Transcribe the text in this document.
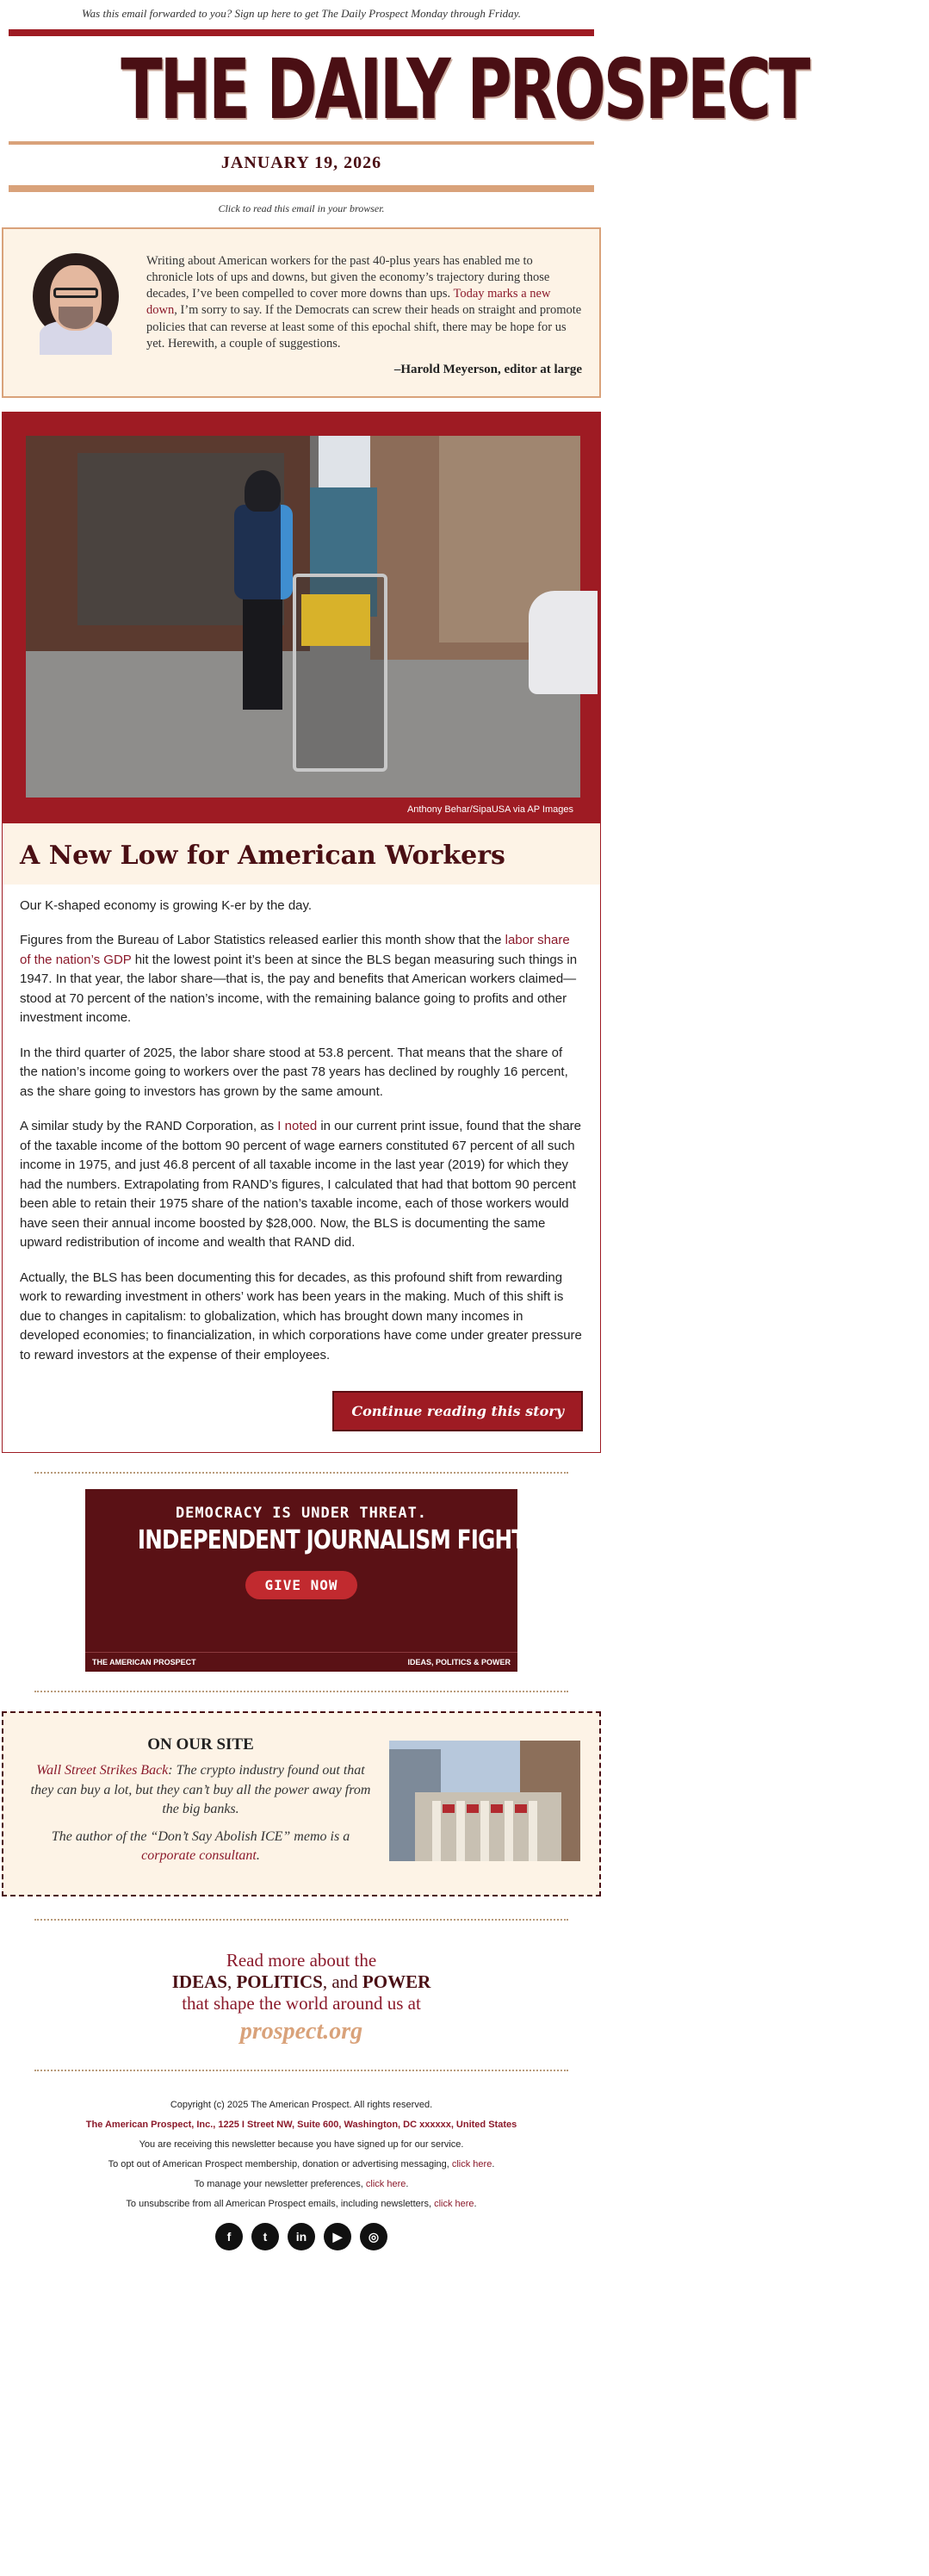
Was this email forwarded to you? Sign up here to get The Daily Prospect Monday through Friday.
THE DAILY PROSPECT
JANUARY 19, 2026
Click to read this email in your browser.
Writing about American workers for the past 40-plus years has enabled me to chronicle lots of ups and downs, but given the economy’s trajectory during those decades, I’ve been compelled to cover more downs than ups. Today marks a new down, I’m sorry to say. If the Democrats can screw their heads on straight and promote policies that can reverse at least some of this epochal shift, there may be hope for us yet. Herewith, a couple of suggestions.
–Harold Meyerson, editor at large
Anthony Behar/SipaUSA via AP Images
A New Low for American Workers

Our K-shaped economy is growing K-er by the day.

Figures from the Bureau of Labor Statistics released earlier this month show that the labor share of the nation’s GDP hit the lowest point it’s been at since the BLS began measuring such things in 1947. In that year, the labor share—that is, the pay and benefits that American workers claimed—stood at 70 percent of the nation’s income, with the remaining balance going to profits and other investment income.

In the third quarter of 2025, the labor share stood at 53.8 percent. That means that the share of the nation’s income going to workers over the past 78 years has declined by roughly 16 percent, as the share going to investors has grown by the same amount.

A similar study by the RAND Corporation, as I noted in our current print issue, found that the share of the taxable income of the bottom 90 percent of wage earners constituted 67 percent of all such income in 1975, and just 46.8 percent of all taxable income in the last year (2019) for which they had the numbers. Extrapolating from RAND’s figures, I calculated that had that bottom 90 percent been able to retain their 1975 share of the nation’s taxable income, each of those workers would have seen their annual income boosted by $28,000. Now, the BLS is documenting the same upward redistribution of income and wealth that RAND did.

Actually, the BLS has been documenting this for decades, as this profound shift from rewarding work to rewarding investment in others’ work has been years in the making. Much of this shift is due to changes in capitalism: to globalization, which has brought down many incomes in developed economies; to financialization, in which corporations have come under greater pressure to reward investors at the expense of their employees.

Continue reading this story
DEMOCRACY IS UNDER THREAT.
INDEPENDENT JOURNALISM FIGHTS BACK.
GIVE NOW
THE AMERICAN PROSPECT	IDEAS, POLITICS & POWER
ON OUR SITE
Wall Street Strikes Back: The crypto industry found out that they can buy a lot, but they can’t buy all the power away from the big banks.
The author of the “Don’t Say Abolish ICE” memo is a corporate consultant.
Read more about the
IDEAS, POLITICS, and POWER
that shape the world around us at
prospect.org
Copyright (c) 2025 The American Prospect. All rights reserved.
The American Prospect, Inc., 1225 I Street NW, Suite 600, Washington, DC xxxxxx, United States
You are receiving this newsletter because you have signed up for our service.
To opt out of American Prospect membership, donation or advertising messaging, click here.
To manage your newsletter preferences, click here.
To unsubscribe from all American Prospect emails, including newsletters, click here.
f	t	in	▶	◎
